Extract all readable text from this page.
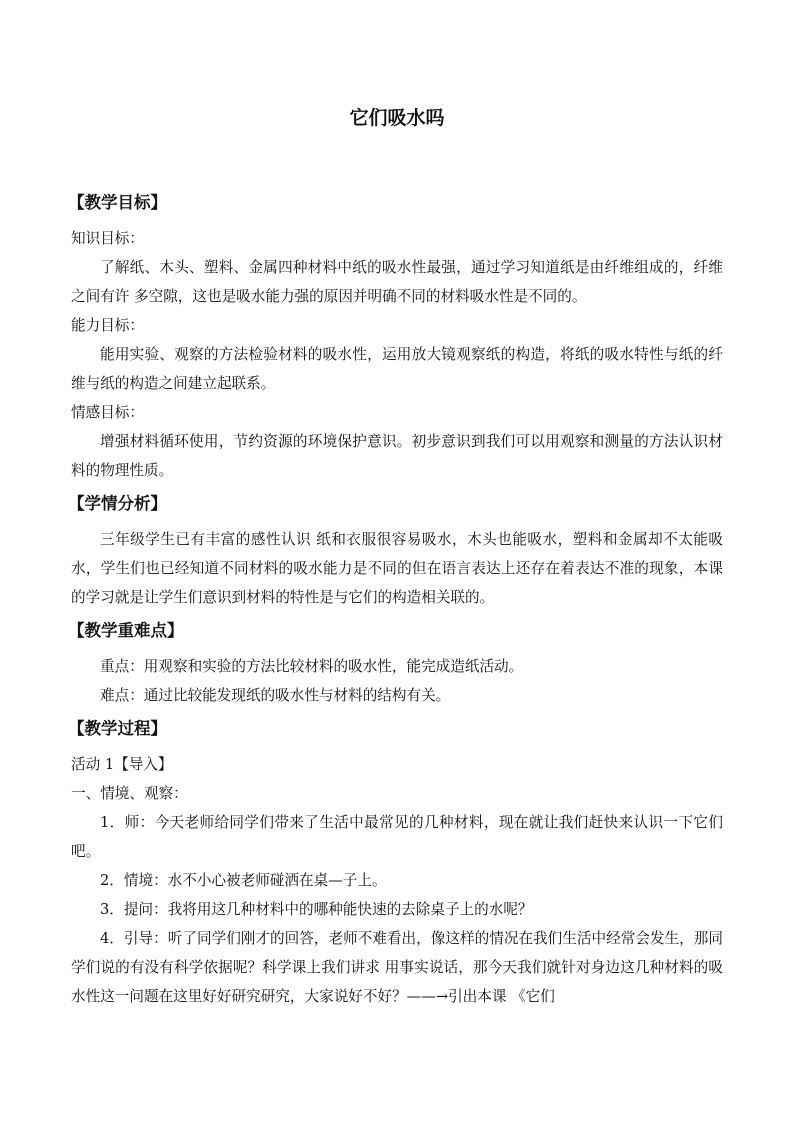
它们吸水吗
【教学目标】
知识目标：
了解纸、木头、塑料、金属四种材料中纸的吸水性最强，通过学习知道纸是由纤维组成的，纤维之间有许 多空隙，这也是吸水能力强的原因并明确不同的材料吸水性是不同的。
能力目标：
能用实验、观察的方法检验材料的吸水性，运用放大镜观察纸的构造，将纸的吸水特性与纸的纤维与纸的构造之间建立起联系。
情感目标：
增强材料循环使用，节约资源的环境保护意识。初步意识到我们可以用观察和测量的方法认识材料的物理性质。
【学情分析】
三年级学生已有丰富的感性认识 纸和衣服很容易吸水，木头也能吸水，塑料和金属却不太能吸水，学生们也已经知道不同材料的吸水能力是不同的但在语言表达上还存在着表达不准的现象，本课的学习就是让学生们意识到材料的特性是与它们的构造相关联的。
【教学重难点】
重点：用观察和实验的方法比较材料的吸水性，能完成造纸活动。
难点：通过比较能发现纸的吸水性与材料的结构有关。
【教学过程】
活动 1【导入】
一、情境、观察：
1．师：今天老师给同学们带来了生活中最常见的几种材料，现在就让我们赶快来认识一下它们吧。
2．情境：水不小心被老师碰洒在桌—子上。
3．提问：我将用这几种材料中的哪种能快速的去除桌子上的水呢？
4．引导：听了同学们刚才的回答，老师不难看出，像这样的情况在我们生活中经常会发生，那同学们说的有没有科学依据呢？科学课上我们讲求 用事实说话，那今天我们就针对身边这几种材料的吸水性这一问题在这里好好研究研究，大家说好不好？——→引出本课 《它们
